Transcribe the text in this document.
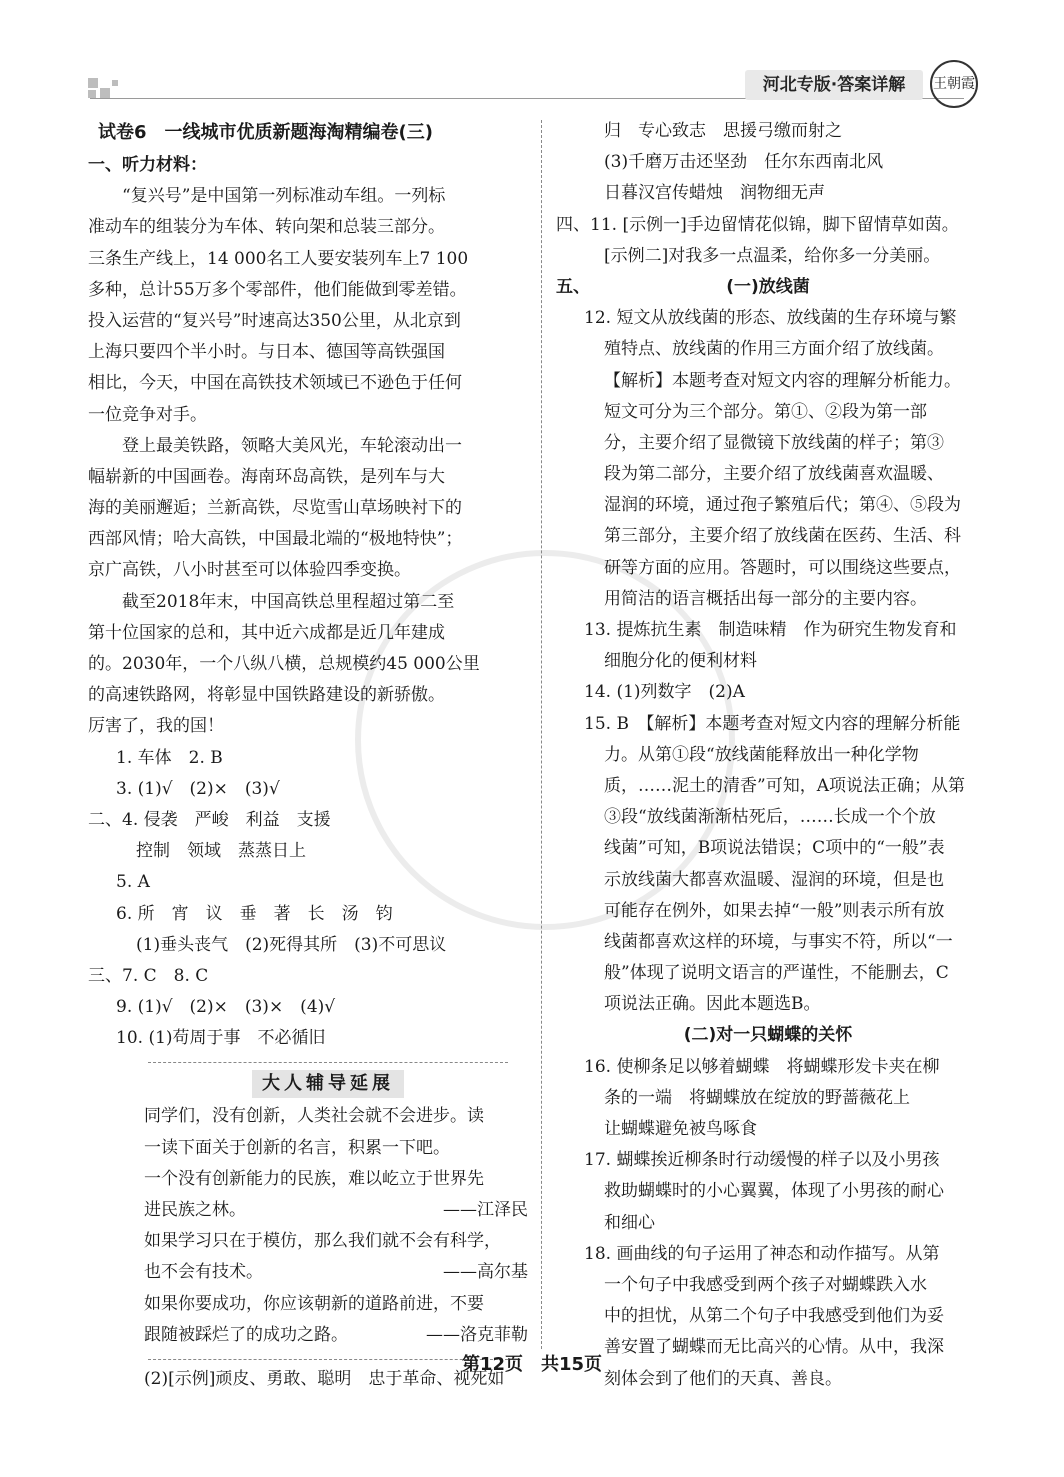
河北专版·答案详解	王朝霞
试卷6　一线城市优质新题海淘精编卷(三)
一、听力材料：
“复兴号”是中国第一列标准动车组。一列标
准动车的组装分为车体、转向架和总装三部分。
三条生产线上，14 000名工人要安装列车上7 100
多种，总计55万多个零部件，他们能做到零差错。
投入运营的“复兴号”时速高达350公里，从北京到
上海只要四个半小时。与日本、德国等高铁强国
相比，今天，中国在高铁技术领域已不逊色于任何
一位竞争对手。
登上最美铁路，领略大美风光，车轮滚动出一
幅崭新的中国画卷。海南环岛高铁，是列车与大
海的美丽邂逅；兰新高铁，尽览雪山草场映衬下的
西部风情；哈大高铁，中国最北端的“极地特快”；
京广高铁，八小时甚至可以体验四季变换。
截至2018年末，中国高铁总里程超过第二至
第十位国家的总和，其中近六成都是近几年建成
的。2030年，一个八纵八横，总规模约45 000公里
的高速铁路网，将彰显中国铁路建设的新骄傲。
厉害了，我的国！
1. 车体　2. B
3. (1)√　(2)×　(3)√
二、4. 侵袭　严峻　利益　支援
控制　领域　蒸蒸日上
5. A
6. 所　宵　议　垂　著　长　汤　钧
(1)垂头丧气　(2)死得其所　(3)不可思议
三、7. C　8. C
9. (1)√　(2)×　(3)×　(4)√
10. (1)苟周于事　不必循旧
大人辅导延展
同学们，没有创新，人类社会就不会进步。读
一读下面关于创新的名言，积累一下吧。
一个没有创新能力的民族，难以屹立于世界先
进民族之林。	——江泽民
如果学习只在于模仿，那么我们就不会有科学，
也不会有技术。	——高尔基
如果你要成功，你应该朝新的道路前进，不要
跟随被踩烂了的成功之路。	——洛克菲勒
(2)[示例]顽皮、勇敢、聪明　忠于革命、视死如
归　专心致志　思援弓缴而射之
(3)千磨万击还坚劲　任尔东西南北风
日暮汉宫传蜡烛　润物细无声
四、11. [示例一]手边留情花似锦，脚下留情草如茵。
[示例二]对我多一点温柔，给你多一分美丽。
五、	(一)放线菌
12. 短文从放线菌的形态、放线菌的生存环境与繁
殖特点、放线菌的作用三方面介绍了放线菌。
【解析】本题考查对短文内容的理解分析能力。
短文可分为三个部分。第①、②段为第一部
分，主要介绍了显微镜下放线菌的样子；第③
段为第二部分，主要介绍了放线菌喜欢温暖、
湿润的环境，通过孢子繁殖后代；第④、⑤段为
第三部分，主要介绍了放线菌在医药、生活、科
研等方面的应用。答题时，可以围绕这些要点，
用简洁的语言概括出每一部分的主要内容。
13. 提炼抗生素　制造味精　作为研究生物发育和
细胞分化的便利材料
14. (1)列数字　(2)A
15. B　【解析】本题考查对短文内容的理解分析能
力。从第①段“放线菌能释放出一种化学物
质，……泥土的清香”可知，A项说法正确；从第
③段“放线菌渐渐枯死后，……长成一个个放
线菌”可知，B项说法错误；C项中的“一般”表
示放线菌大都喜欢温暖、湿润的环境，但是也
可能存在例外，如果去掉“一般”则表示所有放
线菌都喜欢这样的环境，与事实不符，所以“一
般”体现了说明文语言的严谨性，不能删去，C
项说法正确。因此本题选B。
(二)对一只蝴蝶的关怀
16. 使柳条足以够着蝴蝶　将蝴蝶形发卡夹在柳
条的一端　将蝴蝶放在绽放的野蔷薇花上
让蝴蝶避免被鸟啄食
17. 蝴蝶挨近柳条时行动缓慢的样子以及小男孩
救助蝴蝶时的小心翼翼，体现了小男孩的耐心
和细心
18. 画曲线的句子运用了神态和动作描写。从第
一个句子中我感受到两个孩子对蝴蝶跌入水
中的担忧，从第二个句子中我感受到他们为妥
善安置了蝴蝶而无比高兴的心情。从中，我深
刻体会到了他们的天真、善良。
第12页　共15页
